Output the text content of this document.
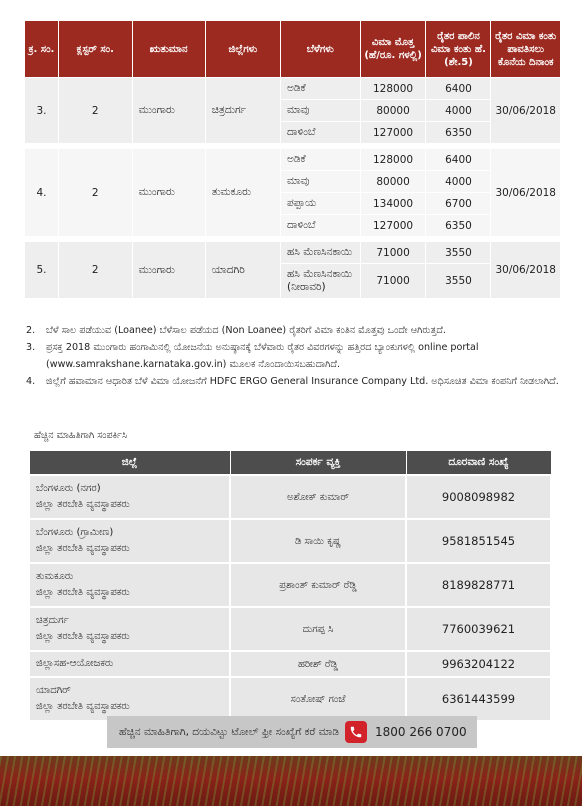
ಕ್ರ. ಸಂ.	ಕ್ಲಸ್ಟರ್ ಸಂ.	ಋತುಮಾನ	ಜಿಲ್ಲೆಗಳು	ಬೆಳೆಗಳು	ವಿಮಾ ಮೊತ್ತ (ಹೆ/ರೂ. ಗಳಲ್ಲಿ)	ರೈತರ ಪಾಲಿನ ವಿಮಾ ಕಂತು ಹೆ. (ಶೇ.5)	ರೈತರ ವಿಮಾ ಕಂತು ಪಾವತಿಸಲು ಕೊನೆಯ ದಿನಾಂಕ
3.	2	ಮುಂಗಾರು	ಚಿತ್ರದುರ್ಗ	ಅಡಿಕೆ	128000	6400	30/06/2018
				ಮಾವು	80000	4000	
				ದಾಳಿಂಬೆ	127000	6350	

4.	2	ಮುಂಗಾರು	ತುಮಕೂರು	ಅಡಿಕೆ	128000	6400	30/06/2018
				ಮಾವು	80000	4000	
				ಪಪ್ಪಾಯ	134000	6700	
				ದಾಳಿಂಬೆ	127000	6350	

5.	2	ಮುಂಗಾರು	ಯಾದಗಿರಿ	ಹಸಿ ಮೆಣಸಿನಕಾಯಿ	71000	3550	30/06/2018
				ಹಸಿ ಮೆಣಸಿನಕಾಯಿ (ನೀರಾವರಿ)	71000	3550	
2.	ಬೆಳೆ ಸಾಲ ಪಡೆಯುವ (Loanee) ಬೆಳೆಸಾಲ ಪಡೆಯದ (Non Loanee) ರೈತರಿಗೆ ವಿಮಾ ಕಂತಿನ ಮೊತ್ತವು ಒಂದೇ ಆಗಿರುತ್ತದೆ.
3.	ಪ್ರಸಕ್ತ 2018 ಮುಂಗಾರು ಹಂಗಾಮಿನಲ್ಲಿ ಯೋಜನೆಯ ಅನುಷ್ಠಾನಕ್ಕೆ ಬೆಳೆವಾರು ರೈತರ ವಿವರಗಳನ್ನು ಹತ್ತಿರದ ಬ್ಯಾಂಕುಗಳಲ್ಲಿ online portal (www.samrakshane.karnataka.gov.in) ಮೂಲಕ ನೊಂದಾಯಿಸಬಹುದಾಗಿದೆ.
4.	ಜಿಲ್ಲೆಗೆ ಹವಾಮಾನ ಆಧಾರಿತ ಬೆಳೆ ವಿಮಾ ಯೋಜನೆಗೆ HDFC ERGO General Insurance Company Ltd. ಅಧಿಸೂಚಿತ ವಿಮಾ ಕಂಪನಿಗೆ ನೀಡಲಾಗಿದೆ.
ಹೆಚ್ಚಿನ ಮಾಹಿತಿಗಾಗಿ ಸಂಪರ್ಕಿಸಿ
ಜಿಲ್ಲೆ	ಸಂಪರ್ಕ ವ್ಯಕ್ತಿ	ದೂರವಾಣಿ ಸಂಖ್ಯೆ

ಬೆಂಗಳೂರು (ನಗರ)
ಜಿಲ್ಲಾ ತರಬೇತಿ ವ್ಯವಸ್ಥಾಪಕರು	ಅಶೋಕ್ ಕುಮಾರ್	9008098982

ಬೆಂಗಳೂರು (ಗ್ರಾಮೀಣ)
ಜಿಲ್ಲಾ ತರಬೇತಿ ವ್ಯವಸ್ಥಾಪಕರು	ಡಿ ಸಾಯಿ ಕೃಷ್ಣ	9581851545

ತುಮಕೂರು
ಜಿಲ್ಲಾ ತರಬೇತಿ ವ್ಯವಸ್ಥಾಪಕರು	ಪ್ರಶಾಂತ್ ಕುಮಾರ್ ರೆಡ್ಡಿ	8189828771

ಚಿತ್ರದುರ್ಗ
ಜಿಲ್ಲಾ ತರಬೇತಿ ವ್ಯವಸ್ಥಾಪಕರು	ದುಗಪ್ಪ ಸಿ	7760039621

ಜಿಲ್ಲಾಸಹ-ಆಯೋಜಕರು	ಹರೀಶ್ ರೆಡ್ಡಿ	9963204122

ಯಾದಗಿರ್
ಜಿಲ್ಲಾ ತರಬೇತಿ ವ್ಯವಸ್ಥಾಪಕರು	ಸಂತೋಷ್ ಗಂಜೆ	6361443599
ಹೆಚ್ಚಿನ ಮಾಹಿತಿಗಾಗಿ, ದಯವಿಟ್ಟು ಟೋಲ್ ಫ್ರೀ ಸಂಖ್ಯೆಗೆ ಕರೆ ಮಾಡಿ	1800 266 0700
